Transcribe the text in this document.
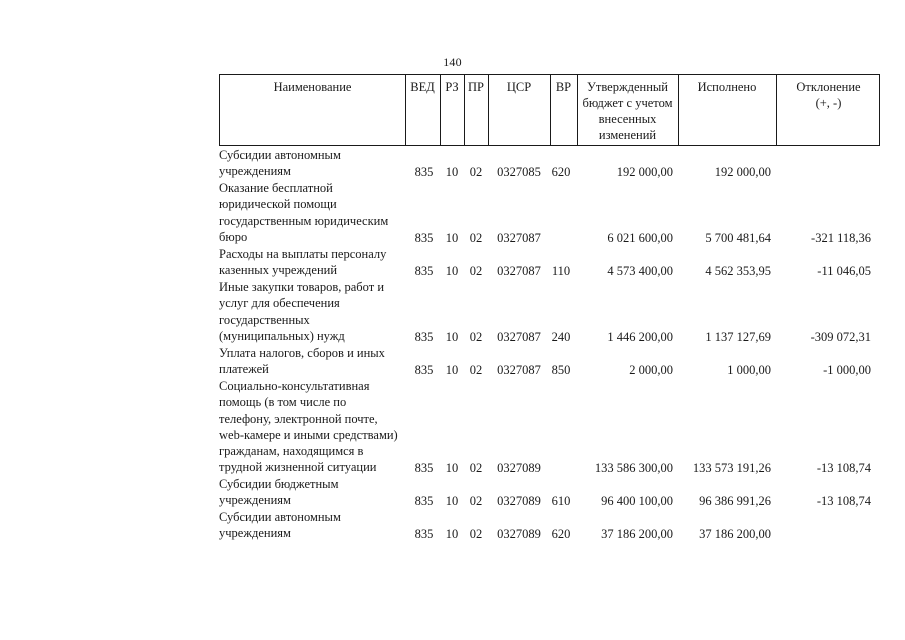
140
Наименование	ВЕД РЗ ПР	ЦСР	ВР	Утвержденный
бюджет с учетом
внесенных
изменений
Исполнено	Отклонение
(+, -)
Субсидии автономным
учреждениям	835 10 02	0327085 620	192 000,00	192 000,00
Оказание бесплатной
юридической помощи
государственным юридическим
бюро	835 10 02	0327087	6 021 600,00	5 700 481,64	-321 118,36
Расходы на выплаты персоналу
казенных учреждений	835 10 02	0327087 110	4 573 400,00	4 562 353,95	-11 046,05
Иные закупки товаров, работ и
услуг для обеспечения
государственных
(муниципальных) нужд	835 10 02	0327087 240	1 446 200,00	1 137 127,69	-309 072,31
Уплата налогов, сборов и иных
платежей	835 10 02	0327087 850	2 000,00	1 000,00	-1 000,00
Социально-консультативная
помощь (в том числе по
телефону, электронной почте,
web-камере и иными средствами)
гражданам, находящимся в
трудной жизненной ситуации	835 10 02	0327089	133 586 300,00	133 573 191,26	-13 108,74
Субсидии бюджетным
учреждениям	835 10 02	0327089 610	96 400 100,00	96 386 991,26	-13 108,74
Субсидии автономным
учреждениям	835 10 02	0327089 620	37 186 200,00	37 186 200,00
